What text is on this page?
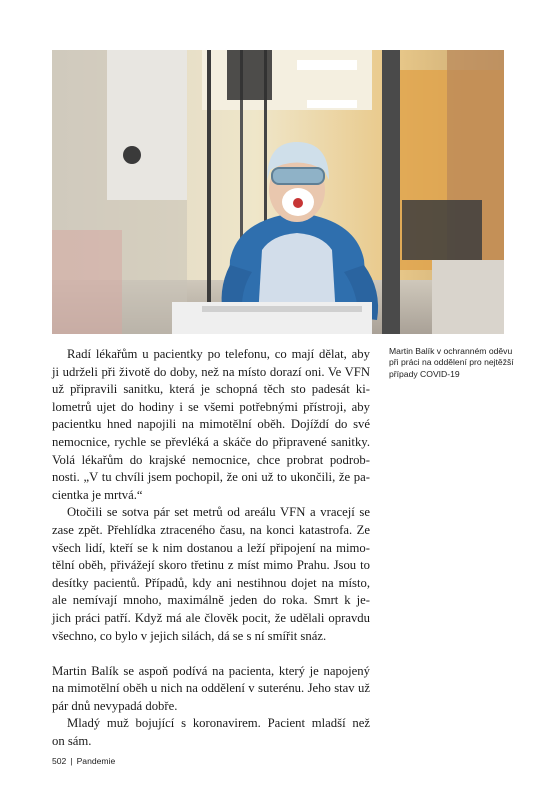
Martin Balík v ochranném oděvu
při práci na oddělení pro nejtěžší
případy COVID-19
Radí lékařům u pacientky po telefonu, co mají dělat, aby
ji udrželi při životě do doby, než na místo dorazí oni. Ve VFN
už připravili sanitku, která je schopná těch sto padesát ki-
lometrů ujet do hodiny i se všemi potřebnými přístroji, aby
pacientku hned napojili na mimotělní oběh. Dojíždí do své
nemocnice, rychle se převléká a skáče do připravené sanitky.
Volá lékařům do krajské nemocnice, chce probrat podrob-
nosti. „V tu chvíli jsem pochopil, že oni už to ukončili, že pa-
cientka je mrtvá.“
Otočili se sotva pár set metrů od areálu VFN a vracejí se
zase zpět. Přehlídka ztraceného času, na konci katastrofa. Ze
všech lidí, kteří se k nim dostanou a leží připojení na mimo-
tělní oběh, přivážejí skoro třetinu z míst mimo Prahu. Jsou to
desítky pacientů. Případů, kdy ani nestihnou dojet na místo,
ale nemívají mnoho, maximálně jeden do roka. Smrt k je-
jich práci patří. Když má ale člověk pocit, že udělali opravdu
všechno, co bylo v jejich silách, dá se s ní smířit snáz.
Martin Balík se aspoň podívá na pacienta, který je napojený
na mimotělní oběh u nich na oddělení v suterénu. Jeho stav už
pár dnů nevypadá dobře.
Mladý muž bojující s koronavirem. Pacient mladší než
on sám.
502 | Pandemie
